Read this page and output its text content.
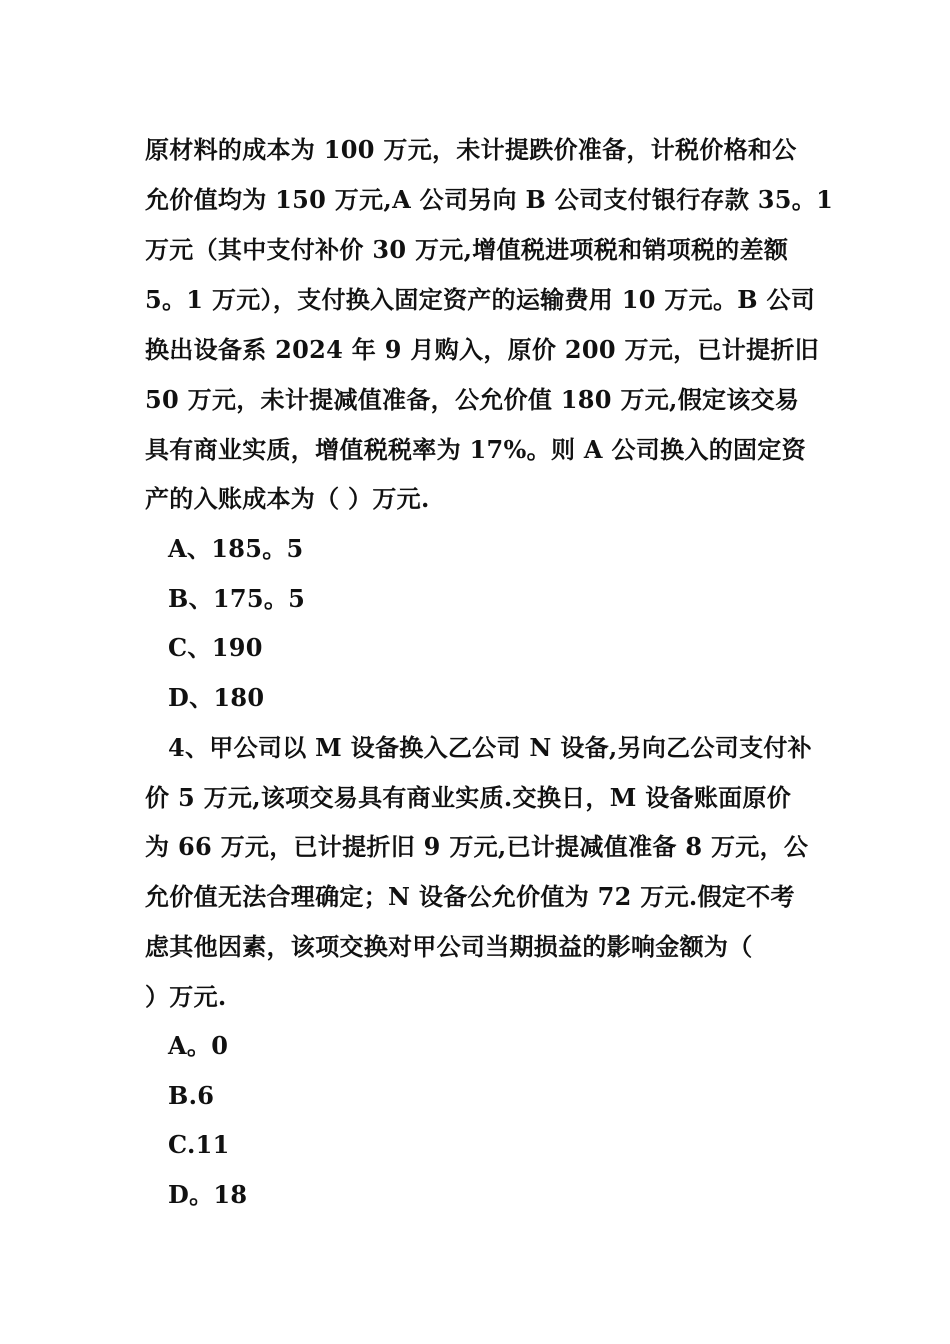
原材料的成本为 100 万元，未计提跌价准备，计税价格和公
允价值均为 150 万元,A 公司另向 B 公司支付银行存款 35。1
万元（其中支付补价 30 万元,增值税进项税和销项税的差额
5。1 万元），支付换入固定资产的运输费用 10 万元。B 公司
换出设备系 2024 年 9 月购入，原价 200 万元，已计提折旧
50 万元，未计提减值准备，公允价值 180 万元,假定该交易
具有商业实质，增值税税率为 17%。则 A 公司换入的固定资
产的入账成本为（ ）万元.
A、185。5
B、175。5
C、190
D、180
4、甲公司以 M 设备换入乙公司 N 设备,另向乙公司支付补
价 5 万元,该项交易具有商业实质.交换日，M 设备账面原价
为 66 万元，已计提折旧 9 万元,已计提减值准备 8 万元，公
允价值无法合理确定；N 设备公允价值为 72 万元.假定不考
虑其他因素，该项交换对甲公司当期损益的影响金额为（
）万元.
A。0
B.6
C.11
D。18
